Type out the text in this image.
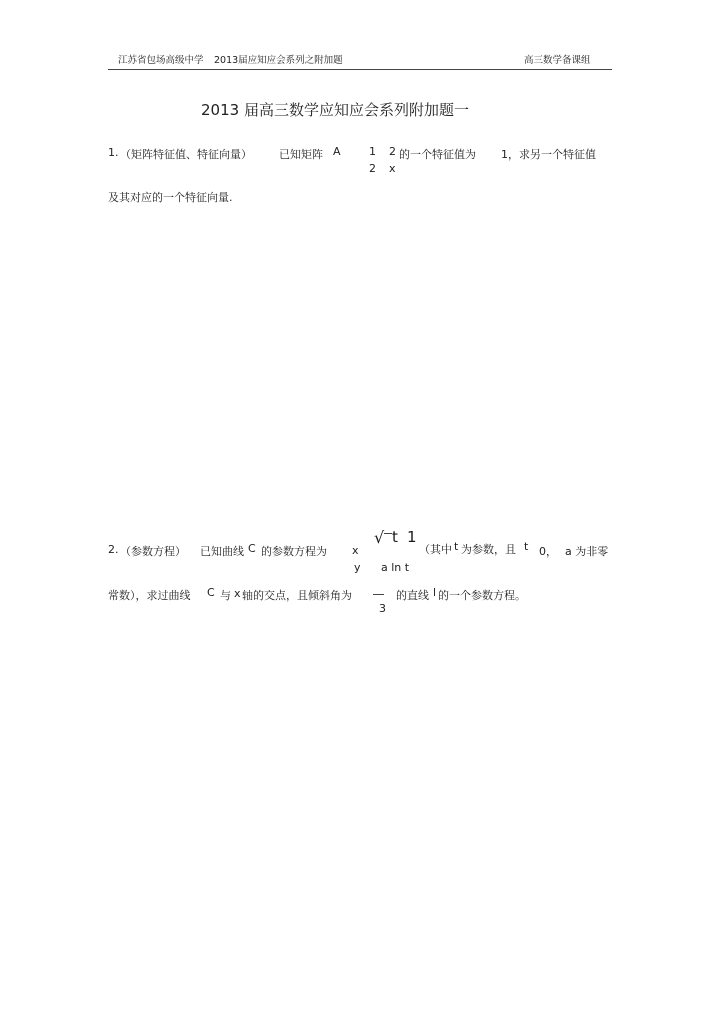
江苏省包场高级中学 2013届应知应会系列之附加题	高三数学备课组
2013 届高三数学应知应会系列附加题一
1. （矩阵特征值、特征向量） 已知矩阵 A	1 2
2 x
的一个特征值为 1，求另一个特征值
及其对应的一个特征向量.
2. （参数方程） 已知曲线 C 的参数方程为 x
y
√ t 1
a ln t
（其中 t 为参数，且 t 0， a 为非零
常数），求过曲线 C 与 x 轴的交点，且倾斜角为
3
的直线 l 的一个参数方程。
